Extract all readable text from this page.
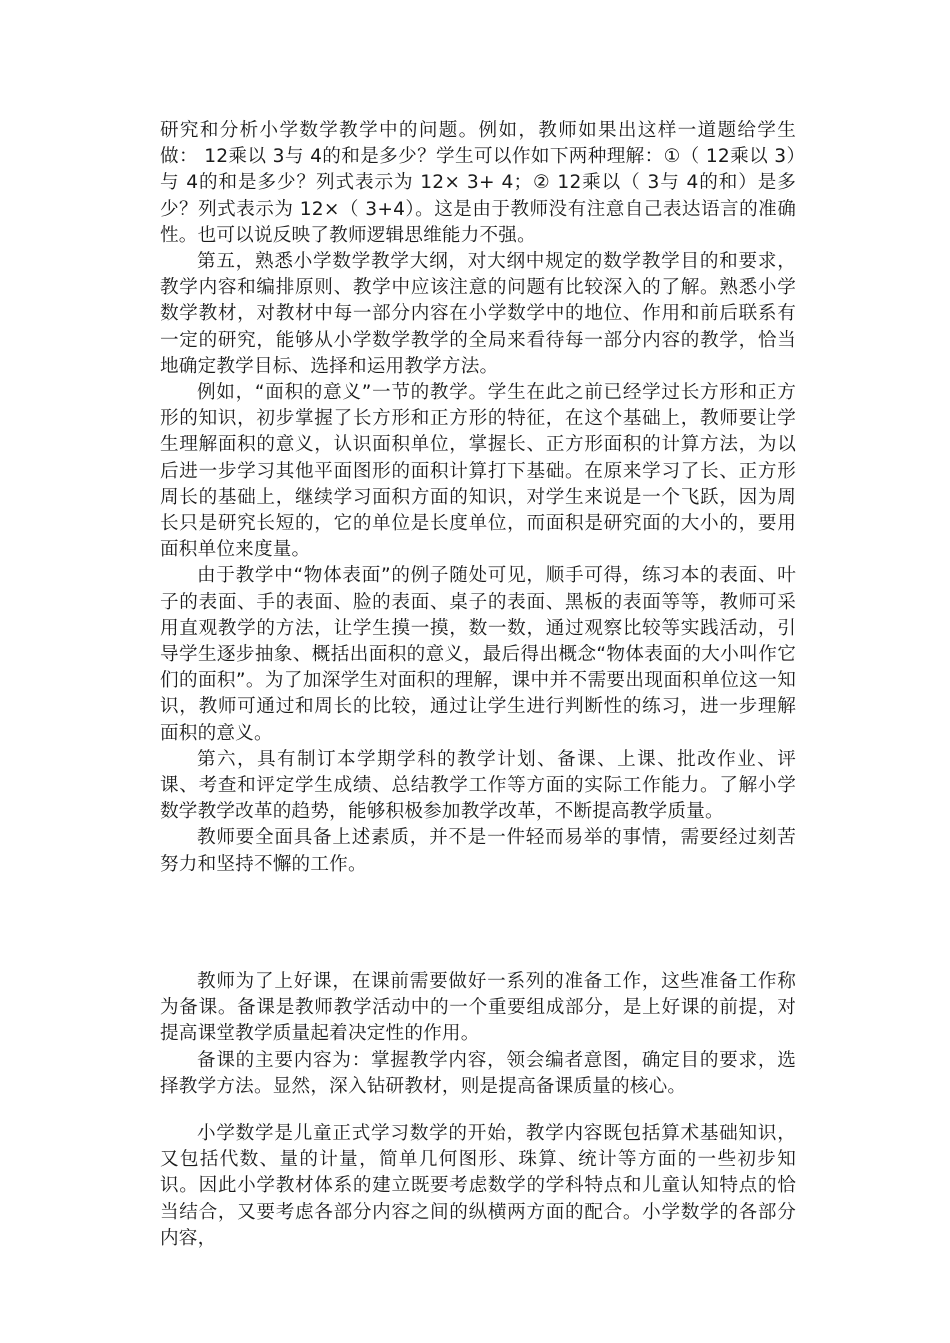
研究和分析小学数学教学中的问题。例如，教师如果出这样一道题给学生做： 12乘以 3与 4的和是多少？学生可以作如下两种理解：①（ 12乘以 3）与 4的和是多少？列式表示为 12× 3+ 4；② 12乘以（ 3与 4的和）是多少？列式表示为 12×（ 3+4）。这是由于教师没有注意自己表达语言的准确性。也可以说反映了教师逻辑思维能力不强。

第五，熟悉小学数学教学大纲，对大纲中规定的数学教学目的和要求，教学内容和编排原则、教学中应该注意的问题有比较深入的了解。熟悉小学数学教材，对教材中每一部分内容在小学数学中的地位、作用和前后联系有一定的研究，能够从小学数学教学的全局来看待每一部分内容的教学，恰当地确定教学目标、选择和运用教学方法。

例如，“面积的意义”一节的教学。学生在此之前已经学过长方形和正方形的知识，初步掌握了长方形和正方形的特征，在这个基础上，教师要让学生理解面积的意义，认识面积单位，掌握长、正方形面积的计算方法，为以后进一步学习其他平面图形的面积计算打下基础。在原来学习了长、正方形周长的基础上，继续学习面积方面的知识，对学生来说是一个飞跃，因为周长只是研究长短的，它的单位是长度单位，而面积是研究面的大小的，要用面积单位来度量。

由于教学中“物体表面”的例子随处可见，顺手可得，练习本的表面、叶子的表面、手的表面、脸的表面、桌子的表面、黑板的表面等等，教师可采用直观教学的方法，让学生摸一摸，数一数，通过观察比较等实践活动，引导学生逐步抽象、概括出面积的意义，最后得出概念“物体表面的大小叫作它们的面积”。为了加深学生对面积的理解，课中并不需要出现面积单位这一知识，教师可通过和周长的比较，通过让学生进行判断性的练习，进一步理解面积的意义。

第六，具有制订本学期学科的教学计划、备课、上课、批改作业、评课、考查和评定学生成绩、总结教学工作等方面的实际工作能力。了解小学数学教学改革的趋势，能够积极参加教学改革，不断提高教学质量。

教师要全面具备上述素质，并不是一件轻而易举的事情，需要经过刻苦努力和坚持不懈的工作。

教师为了上好课，在课前需要做好一系列的准备工作，这些准备工作称为备课。备课是教师教学活动中的一个重要组成部分，是上好课的前提，对提高课堂教学质量起着决定性的作用。

备课的主要内容为：掌握教学内容，领会编者意图，确定目的要求，选择教学方法。显然，深入钻研教材，则是提高备课质量的核心。

小学数学是儿童正式学习数学的开始，教学内容既包括算术基础知识，又包括代数、量的计量，简单几何图形、珠算、统计等方面的一些初步知识。因此小学教材体系的建立既要考虑数学的学科特点和儿童认知特点的恰当结合，又要考虑各部分内容之间的纵横两方面的配合。小学数学的各部分内容，
